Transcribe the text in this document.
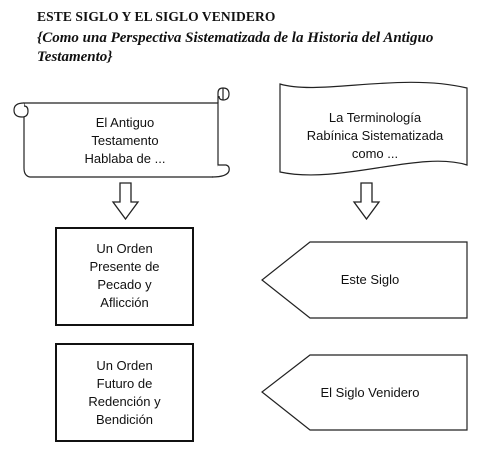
ESTE SIGLO Y EL SIGLO VENIDERO
{Como una Perspectiva Sistematizada de la Historia del Antiguo
Testamento}
El Antiguo
Testamento
Hablaba de ...
La Terminología
Rabínica Sistematizada
como ...
Un Orden
Presente de
Pecado y
Aflicción
Un Orden
Futuro de
Redención y
Bendición
Este Siglo
El Siglo Venidero
